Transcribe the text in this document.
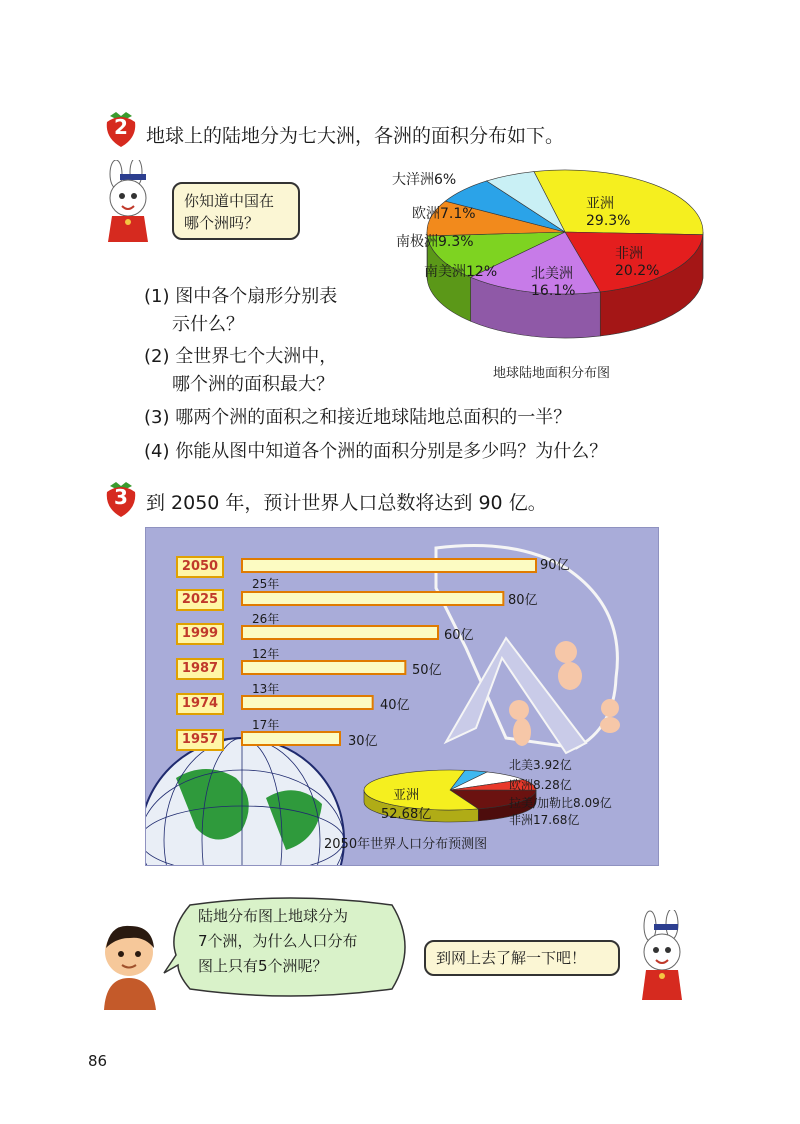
2 地球上的陆地分为七大洲，各洲的面积分布如下。
你知道中国在
哪个洲吗？
大洋洲6%
欧洲7.1%
南极洲9.3%
南美洲12% 北美洲
16.1%
非洲
20.2%
亚洲
29.3%
地球陆地面积分布图
(1) 图中各个扇形分别表
示什么？
(2) 全世界七个大洲中，
哪个洲的面积最大？
(3) 哪两个洲的面积之和接近地球陆地总面积的一半？
(4) 你能从图中知道各个洲的面积分别是多少吗？为什么？
3 到 2050 年，预计世界人口总数将达到 90 亿。
2050
2025
1999
1987
1974
1957
90亿
80亿
60亿
50亿
40亿
30亿
25年
26年
12年
13年
17年
亚洲
52.68亿
北美3.92亿
欧洲8.28亿
拉美/加勒比8.09亿
非洲17.68亿
2050年世界人口分布预测图
陆地分布图上地球分为
7个洲，为什么人口分布
图上只有5个洲呢？	到网上去了解一下吧！
86
